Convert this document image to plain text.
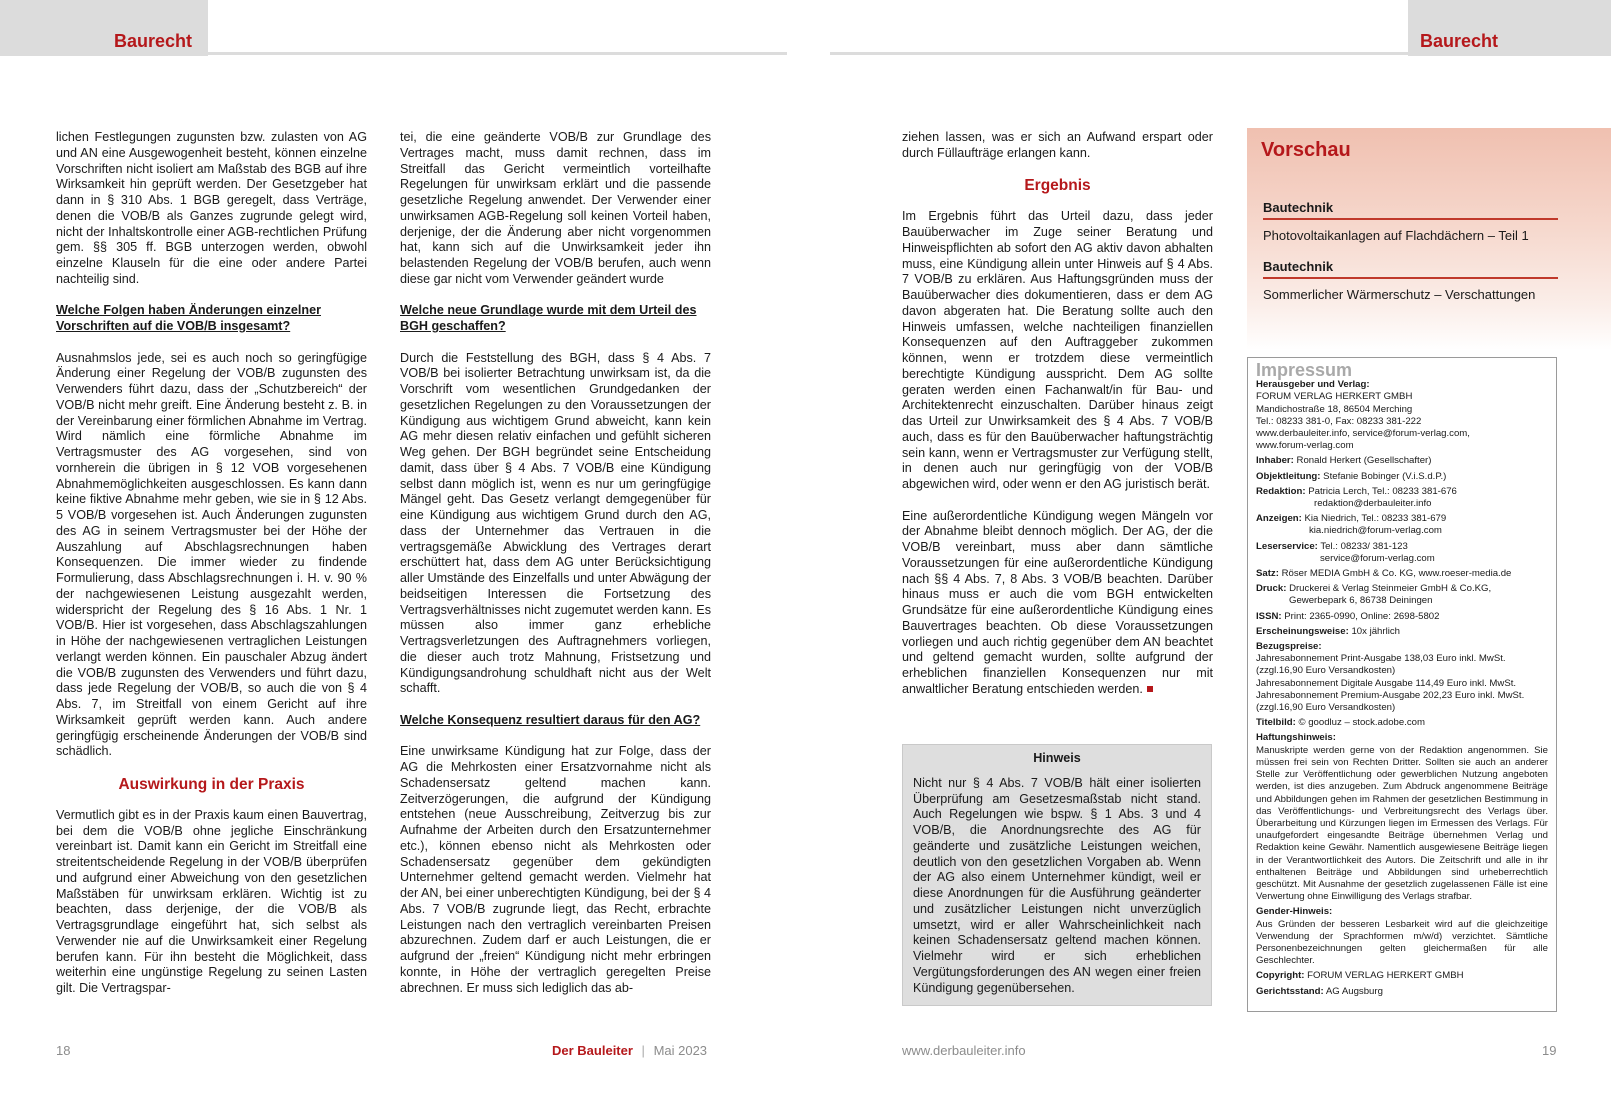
Baurecht	Baurecht

lichen Festlegungen zugunsten bzw. zulasten von AG und AN eine Ausgewogenheit besteht, können einzelne Vorschriften nicht isoliert am Maßstab des BGB auf ihre Wirksamkeit hin geprüft werden. Der Gesetzgeber hat dann in § 310 Abs. 1 BGB geregelt, dass Verträge, denen die VOB/B als Ganzes zugrunde gelegt wird, nicht der Inhaltskontrolle einer AGB-rechtlichen Prüfung gem. §§ 305 ff. BGB unterzogen werden, obwohl einzelne Klauseln für die eine oder andere Partei nachteilig sind.

Welche Folgen haben Änderungen einzelner Vorschriften auf die VOB/B insgesamt?

Ausnahmslos jede, sei es auch noch so geringfügige Änderung einer Regelung der VOB/B zugunsten des Verwenders führt dazu, dass der „Schutzbereich“ der VOB/B nicht mehr greift. Eine Änderung besteht z. B. in der Vereinbarung einer förmlichen Abnahme im Vertrag. Wird nämlich eine förmliche Abnahme im Vertragsmuster des AG vorgesehen, sind von vornherein die übrigen in § 12 VOB vorgesehenen Abnahmemöglichkeiten ausgeschlossen. Es kann dann keine fiktive Abnahme mehr geben, wie sie in § 12 Abs. 5 VOB/B vorgesehen ist. Auch Änderungen zugunsten des AG in seinem Vertragsmuster bei der Höhe der Auszahlung auf Abschlagsrechnungen haben Konsequenzen. Die immer wieder zu findende Formulierung, dass Abschlagsrechnungen i. H. v. 90 % der nachgewiesenen Leistung ausgezahlt werden, widerspricht der Regelung des § 16 Abs. 1 Nr. 1 VOB/B. Hier ist vorgesehen, dass Abschlagszahlungen in Höhe der nachgewiesenen vertraglichen Leistungen verlangt werden können. Ein pauschaler Abzug ändert die VOB/B zugunsten des Verwenders und führt dazu, dass jede Regelung der VOB/B, so auch die von § 4 Abs. 7, im Streitfall von einem Gericht auf ihre Wirksamkeit geprüft werden kann. Auch andere geringfügig erscheinende Änderungen der VOB/B sind schädlich.

Auswirkung in der Praxis

Vermutlich gibt es in der Praxis kaum einen Bauvertrag, bei dem die VOB/B ohne jegliche Einschränkung vereinbart ist. Damit kann ein Gericht im Streitfall eine streitentscheidende Regelung in der VOB/B überprüfen und aufgrund einer Abweichung von den gesetzlichen Maßstäben für unwirksam erklären. Wichtig ist zu beachten, dass derjenige, der die VOB/B als Vertragsgrundlage eingeführt hat, sich selbst als Verwender nie auf die Unwirksamkeit einer Regelung berufen kann. Für ihn besteht die Möglichkeit, dass weiterhin eine ungünstige Regelung zu seinen Lasten gilt. Die Vertragspar-

tei, die eine geänderte VOB/B zur Grundlage des Vertrages macht, muss damit rechnen, dass im Streitfall das Gericht vermeintlich vorteilhafte Regelungen für unwirksam erklärt und die passende gesetzliche Regelung anwendet. Der Verwender einer unwirksamen AGB-Regelung soll keinen Vorteil haben, derjenige, der die Änderung aber nicht vorgenommen hat, kann sich auf die Unwirksamkeit jeder ihn belastenden Regelung der VOB/B berufen, auch wenn diese gar nicht vom Verwender geändert wurde

Welche neue Grundlage wurde mit dem Urteil des BGH geschaffen?

Durch die Feststellung des BGH, dass § 4 Abs. 7 VOB/B bei isolierter Betrachtung unwirksam ist, da die Vorschrift vom wesentlichen Grundgedanken der gesetzlichen Regelungen zu den Voraussetzungen der Kündigung aus wichtigem Grund abweicht, kann kein AG mehr diesen relativ einfachen und gefühlt sicheren Weg gehen. Der BGH begründet seine Entscheidung damit, dass über § 4 Abs. 7 VOB/B eine Kündigung selbst dann möglich ist, wenn es nur um geringfügige Mängel geht. Das Gesetz verlangt demgegenüber für eine Kündigung aus wichtigem Grund durch den AG, dass der Unternehmer das Vertrauen in die vertragsgemäße Abwicklung des Vertrages derart erschüttert hat, dass dem AG unter Berücksichtigung aller Umstände des Einzelfalls und unter Abwägung der beidseitigen Interessen die Fortsetzung des Vertragsverhältnisses nicht zugemutet werden kann. Es müssen also immer ganz erhebliche Vertragsverletzungen des Auftragnehmers vorliegen, die dieser auch trotz Mahnung, Fristsetzung und Kündigungsandrohung schuldhaft nicht aus der Welt schafft.

Welche Konsequenz resultiert daraus für den AG?

Eine unwirksame Kündigung hat zur Folge, dass der AG die Mehrkosten einer Ersatzvornahme nicht als Schadensersatz geltend machen kann. Zeitverzögerungen, die aufgrund der Kündigung entstehen (neue Ausschreibung, Zeitverzug bis zur Aufnahme der Arbeiten durch den Ersatzunternehmer etc.), können ebenso nicht als Mehrkosten oder Schadensersatz gegenüber dem gekündigten Unternehmer geltend gemacht werden. Vielmehr hat der AN, bei einer unberechtigten Kündigung, bei der § 4 Abs. 7 VOB/B zugrunde liegt, das Recht, erbrachte Leistungen nach den vertraglich vereinbarten Preisen abzurechnen. Zudem darf er auch Leistungen, die er aufgrund der „freien“ Kündigung nicht mehr erbringen konnte, in Höhe der vertraglich geregelten Preise abrechnen. Er muss sich lediglich das ab-

ziehen lassen, was er sich an Aufwand erspart oder durch Füllaufträge erlangen kann.

Ergebnis

Im Ergebnis führt das Urteil dazu, dass jeder Bauüberwacher im Zuge seiner Beratung und Hinweispflichten ab sofort den AG aktiv davon abhalten muss, eine Kündigung allein unter Hinweis auf § 4 Abs. 7 VOB/B zu erklären. Aus Haftungsgründen muss der Bauüberwacher dies dokumentieren, dass er dem AG davon abgeraten hat. Die Beratung sollte auch den Hinweis umfassen, welche nachteiligen finanziellen Konsequenzen auf den Auftraggeber zukommen können, wenn er trotzdem diese vermeintlich berechtigte Kündigung ausspricht. Dem AG sollte geraten werden einen Fachanwalt/in für Bau- und Architektenrecht einzuschalten. Darüber hinaus zeigt das Urteil zur Unwirksamkeit des § 4 Abs. 7 VOB/B auch, dass es für den Bauüberwacher haftungsträchtig sein kann, wenn er Vertragsmuster zur Verfügung stellt, in denen auch nur geringfügig von der VOB/B abgewichen wird, oder wenn er den AG juristisch berät.

Eine außerordentliche Kündigung wegen Mängeln vor der Abnahme bleibt dennoch möglich. Der AG, der die VOB/B vereinbart, muss aber dann sämtliche Voraussetzungen für eine außerordentliche Kündigung nach §§ 4 Abs. 7, 8 Abs. 3 VOB/B beachten. Darüber hinaus muss er auch die vom BGH entwickelten Grundsätze für eine außerordentliche Kündigung eines Bauvertrages beachten. Ob diese Voraussetzungen vorliegen und auch richtig gegenüber dem AN beachtet und geltend gemacht wurden, sollte aufgrund der erheblichen finanziellen Konsequenzen nur mit anwaltlicher Beratung entschieden werden.

Hinweis
Nicht nur § 4 Abs. 7 VOB/B hält einer isolierten Überprüfung am Gesetzesmaßstab nicht stand. Auch Regelungen wie bspw. § 1 Abs. 3 und 4 VOB/B, die Anordnungsrechte des AG für geänderte und zusätzliche Leistungen weichen, deutlich von den gesetzlichen Vorgaben ab. Wenn der AG also einem Unternehmer kündigt, weil er diese Anordnungen für die Ausführung geänderter und zusätzlicher Leistungen nicht unverzüglich umsetzt, wird er aller Wahrscheinlichkeit nach keinen Schadensersatz geltend machen können. Vielmehr wird er sich erheblichen Vergütungsforderungen des AN wegen einer freien Kündigung gegenübersehen.
Vorschau
Bautechnik
Photovoltaikanlagen auf Flachdächern – Teil 1
Bautechnik
Sommerlicher Wärmerschutz – Verschattungen
Impressum
Herausgeber und Verlag:
FORUM VERLAG HERKERT GMBH
Mandichostraße 18, 86504 Merching
Tel.: 08233 381-0, Fax: 08233 381-222
www.derbauleiter.info, service@forum-verlag.com,
www.forum-verlag.com
Inhaber: Ronald Herkert (Gesellschafter)
Objektleitung: Stefanie Bobinger (V.i.S.d.P.)
Redaktion: Patricia Lerch, Tel.: 08233 381-676
redaktion@derbauleiter.info
Anzeigen: Kia Niedrich, Tel.: 08233 381-679
kia.niedrich@forum-verlag.com
Leserservice: Tel.: 08233/ 381-123
service@forum-verlag.com
Satz: Röser MEDIA GmbH & Co. KG, www.roeser-media.de
Druck: Druckerei & Verlag Steinmeier GmbH & Co.KG,
Gewerbepark 6, 86738 Deiningen
ISSN: Print: 2365-0990, Online: 2698-5802
Erscheinungsweise: 10x jährlich
Bezugspreise:
Jahresabonnement Print-Ausgabe 138,03 Euro inkl. MwSt.
(zzgl.16,90 Euro Versandkosten)
Jahresabonnement Digitale Ausgabe 114,49 Euro inkl. MwSt.
Jahresabonnement Premium-Ausgabe 202,23 Euro inkl. MwSt.
(zzgl.16,90 Euro Versandkosten)
Titelbild: © goodluz – stock.adobe.com
Haftungshinweis:
Manuskripte werden gerne von der Redaktion angenommen. Sie müssen frei sein von Rechten Dritter. Sollten sie auch an anderer Stelle zur Veröffentlichung oder gewerblichen Nutzung angeboten werden, ist dies anzugeben. Zum Abdruck angenommene Beiträge und Abbildungen gehen im Rahmen der gesetzlichen Bestimmung in das Veröffentlichungs- und Verbreitungsrecht des Verlags über. Überarbeitung und Kürzungen liegen im Ermessen des Verlags. Für unaufgefordert eingesandte Beiträge übernehmen Verlag und Redaktion keine Gewähr. Namentlich ausgewiesene Beiträge liegen in der Verantwortlichkeit des Autors. Die Zeitschrift und alle in ihr enthaltenen Beiträge und Abbildungen sind urheberrechtlich geschützt. Mit Ausnahme der gesetzlich zugelassenen Fälle ist eine Verwertung ohne Einwilligung des Verlags strafbar.
Gender-Hinweis:
Aus Gründen der besseren Lesbarkeit wird auf die gleichzeitige Verwendung der Sprachformen m/w/d) verzichtet. Sämtliche Personenbezeichnungen gelten gleichermaßen für alle Geschlechter.
Copyright: FORUM VERLAG HERKERT GMBH
Gerichtsstand: AG Augsburg
18	Der Bauleiter | Mai 2023	www.derbauleiter.info	19
